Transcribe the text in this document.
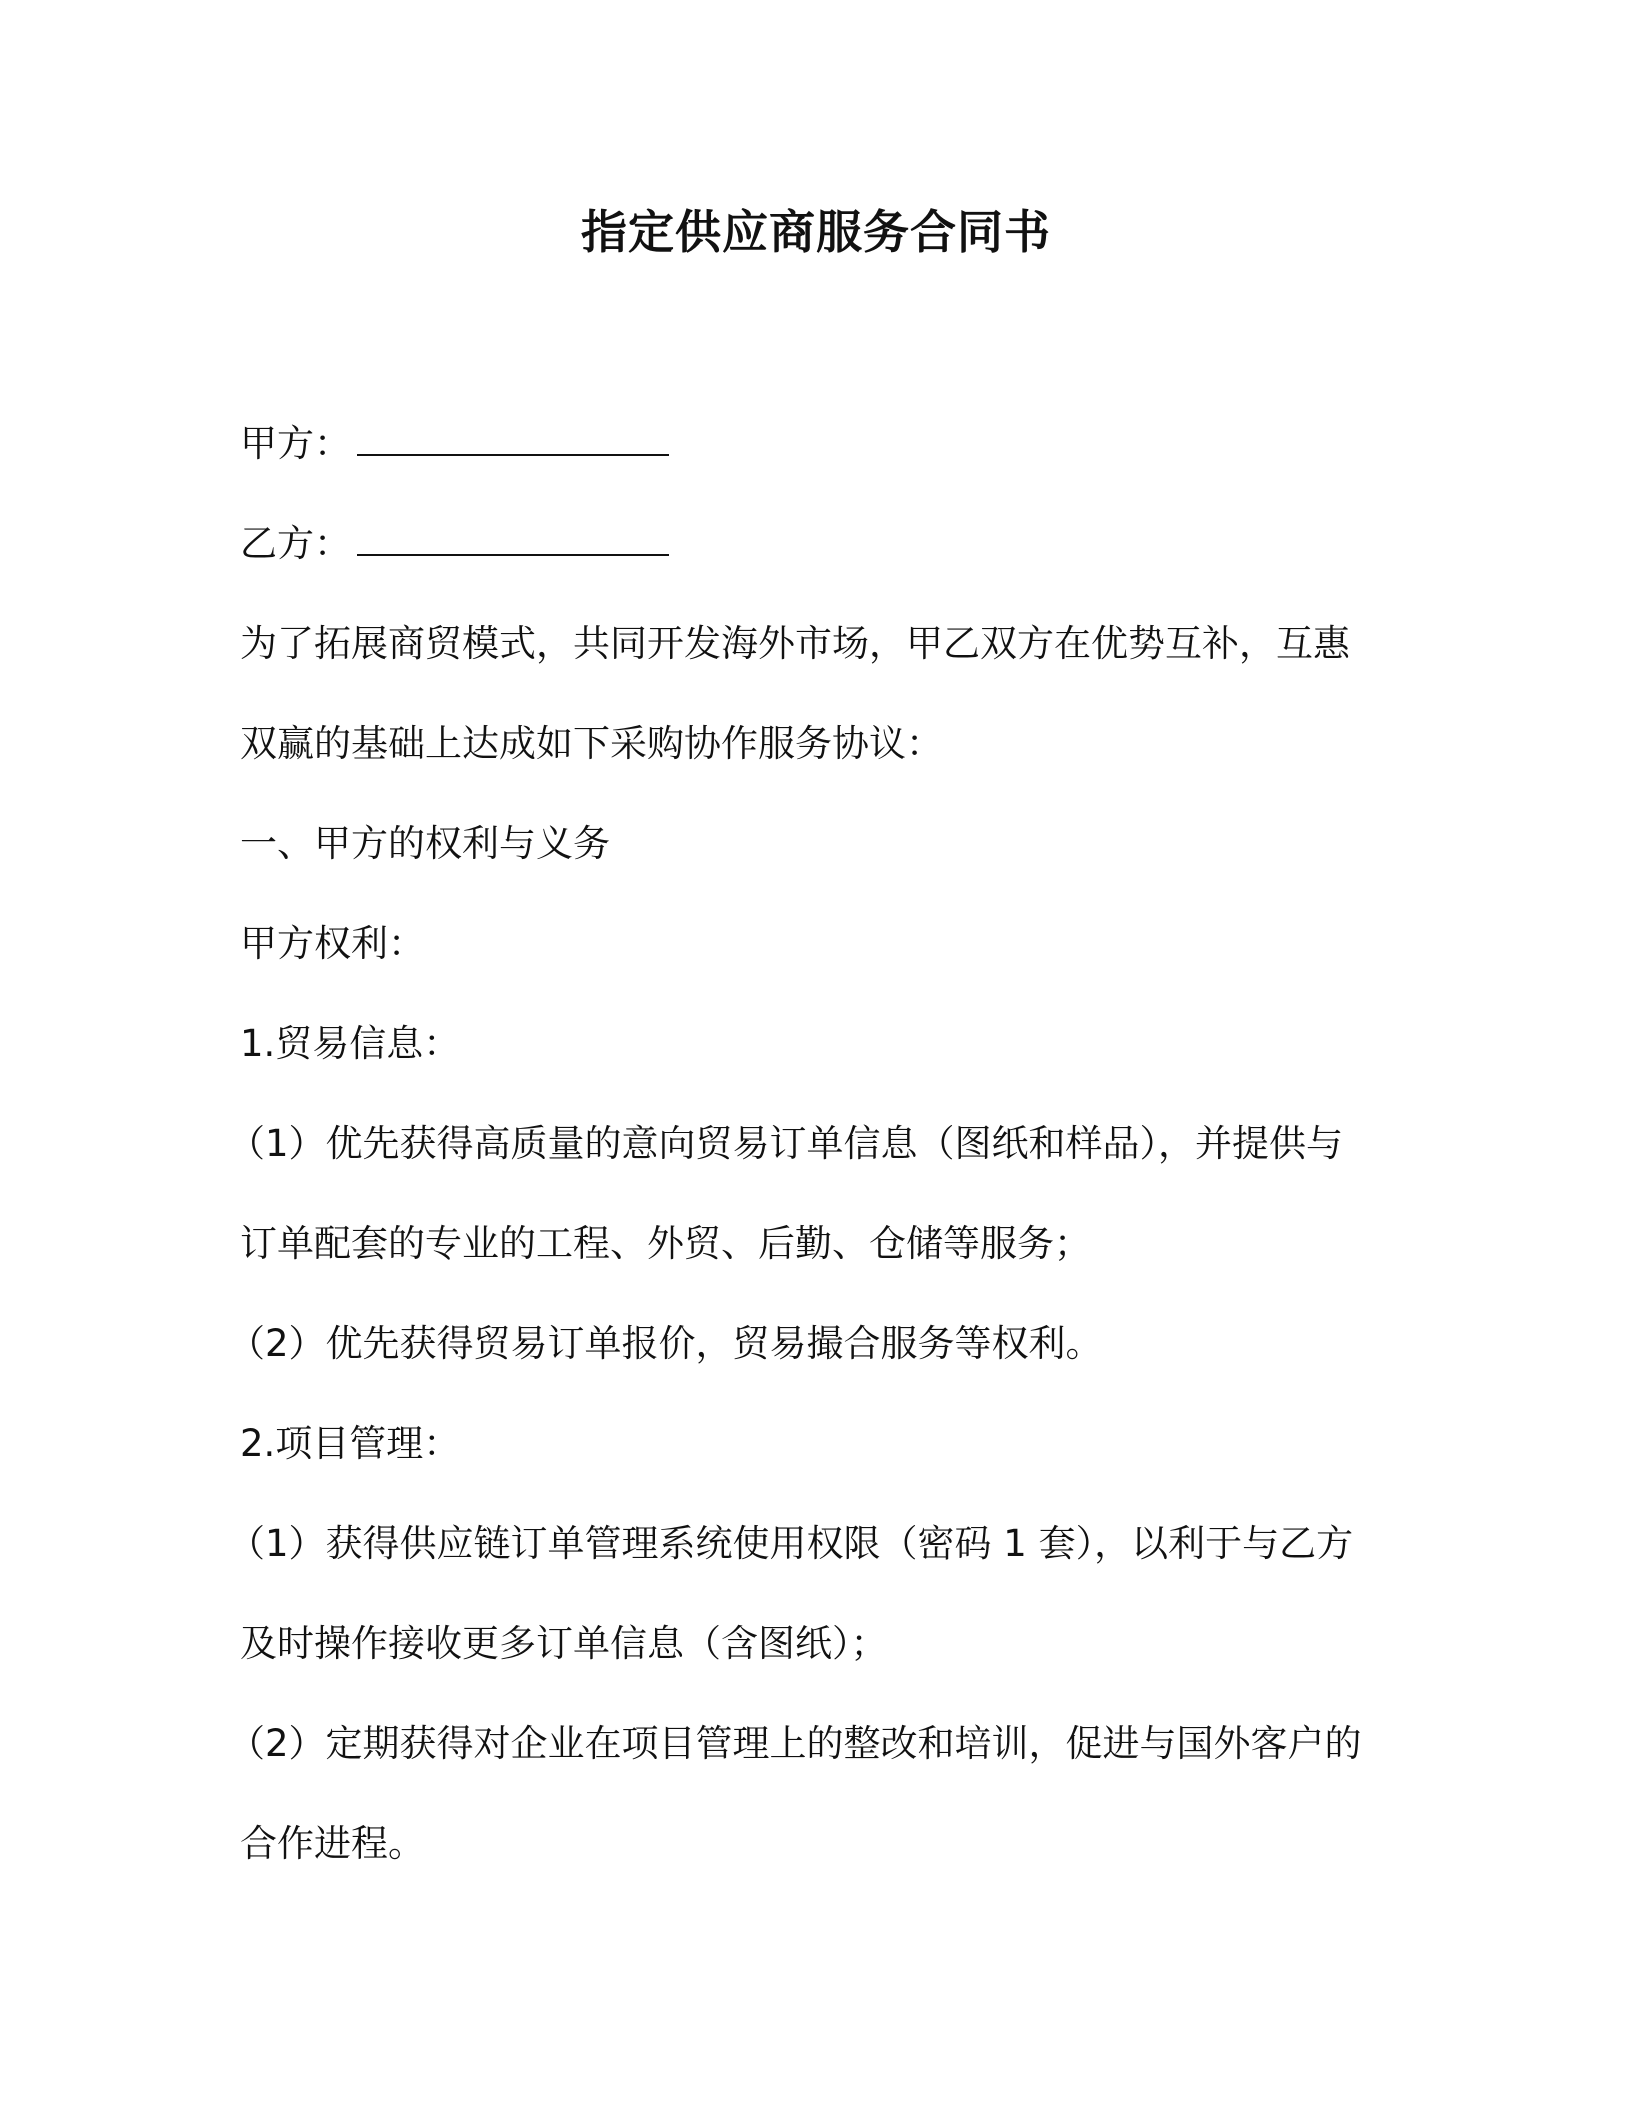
指定供应商服务合同书
甲方：
乙方：
为了拓展商贸模式，共同开发海外市场，甲乙双方在优势互补，互惠
双赢的基础上达成如下采购协作服务协议：
一、甲方的权利与义务
甲方权利：
1.贸易信息：
（1）优先获得高质量的意向贸易订单信息（图纸和样品），并提供与
订单配套的专业的工程、外贸、后勤、仓储等服务；
（2）优先获得贸易订单报价，贸易撮合服务等权利。
2.项目管理：
（1）获得供应链订单管理系统使用权限（密码 1 套），以利于与乙方
及时操作接收更多订单信息（含图纸）；
（2）定期获得对企业在项目管理上的整改和培训，促进与国外客户的
合作进程。
